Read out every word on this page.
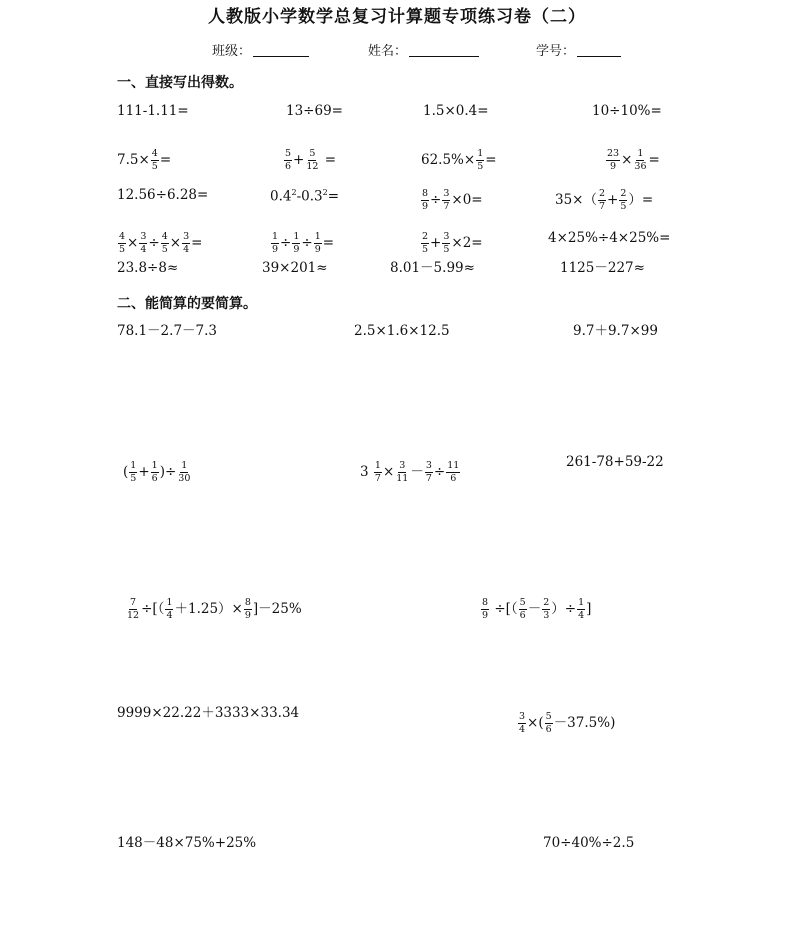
人教版小学数学总复习计算题专项练习卷（二）
班级：	姓名：	学号：
一、直接写出得数。
111-1.11=	13÷69=	1.5×0.4=	10÷10%=
$7.5\times \frac{4}{5}$ =	$\frac{5}{6} + \frac{5}{12}$ =	$62.5\%\times \frac{1}{5}$ =	$\frac{23}{9} \times \frac{1}{36}$ =
12.56÷6.28=	$0.4^2-0.3^2=$	$\frac{8}{9} \div \frac{3}{7} \times 0=$	$35\times( \frac{2}{7} + \frac{2}{5}$ ）=
$\frac{4}{5} \times \frac{3}{4} \div \frac{4}{5} \times \frac{3}{4}$ =	$\frac{1}{9} \div \frac{1}{9} \div \frac{1}{9}$ =	$\frac{2}{5} + \frac{3}{5} \times 2=$	4×25%÷4×25%=
23.8÷8≈	39×201≈	8.01－5.99≈	1125－227≈
二、能简算的要简算。
78.1－2.7－7.3	2.5×1.6×12.5	9.7＋9.7×99
( $\frac{1}{5} + \frac{1}{6}$ )÷ $\frac{1}{30}$	$3 \frac{1}{7} \times \frac{3}{11} - \frac{3}{7} \div \frac{11}{6}$	261-78+59-22
$\frac{7}{12}$ ÷[（ $\frac{1}{4} +1.25)\times \frac{8}{9} ]-25\%$	$\frac{8}{9}$ ÷[（ $\frac{5}{6} - \frac{2}{3}$ ）÷ $\frac{1}{4}$ ]
9999×22.22＋3333×33.34	$\frac{3}{4}$ ×( $\frac{5}{6} -37.5\%$)
148－48×75%+25%	70÷40%÷2.5
